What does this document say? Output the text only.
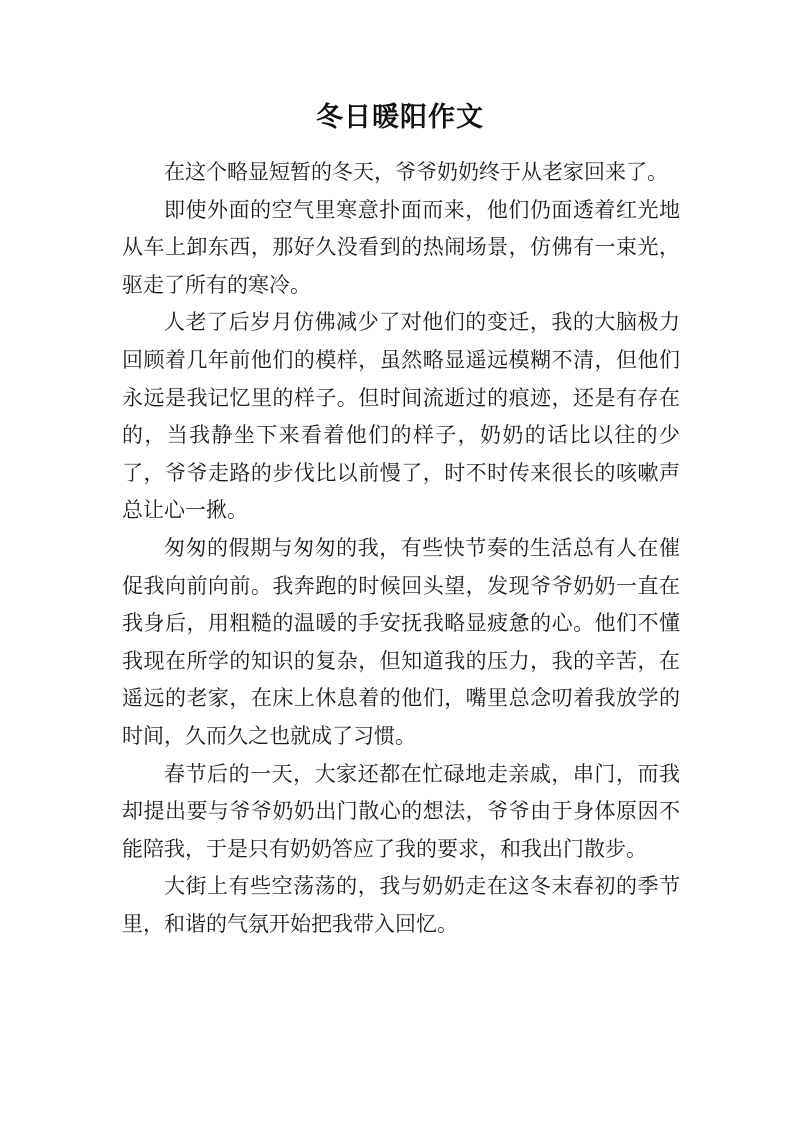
冬日暖阳作文

在这个略显短暂的冬天，爷爷奶奶终于从老家回来了。

即使外面的空气里寒意扑面而来，他们仍面透着红光地从车上卸东西，那好久没看到的热闹场景，仿佛有一束光，驱走了所有的寒冷。

人老了后岁月仿佛减少了对他们的变迁，我的大脑极力回顾着几年前他们的模样，虽然略显遥远模糊不清，但他们永远是我记忆里的样子。但时间流逝过的痕迹，还是有存在的，当我静坐下来看着他们的样子，奶奶的话比以往的少了，爷爷走路的步伐比以前慢了，时不时传来很长的咳嗽声总让心一揪。

匆匆的假期与匆匆的我，有些快节奏的生活总有人在催促我向前向前。我奔跑的时候回头望，发现爷爷奶奶一直在我身后，用粗糙的温暖的手安抚我略显疲惫的心。他们不懂我现在所学的知识的复杂，但知道我的压力，我的辛苦，在遥远的老家，在床上休息着的他们，嘴里总念叨着我放学的时间，久而久之也就成了习惯。

春节后的一天，大家还都在忙碌地走亲戚，串门，而我却提出要与爷爷奶奶出门散心的想法，爷爷由于身体原因不能陪我，于是只有奶奶答应了我的要求，和我出门散步。

大街上有些空荡荡的，我与奶奶走在这冬末春初的季节里，和谐的气氛开始把我带入回忆。
